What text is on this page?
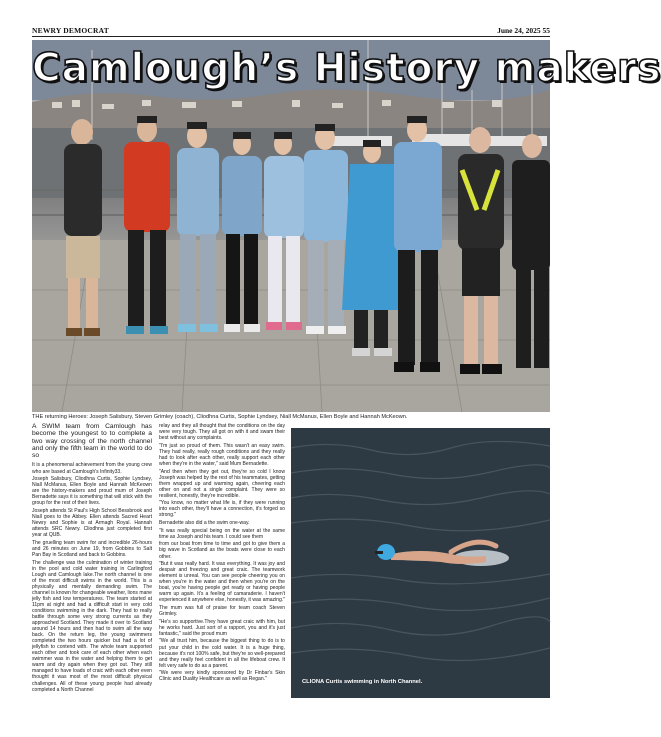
NEWRY DEMOCRAT	June 24, 2025 55
Camlough’s History makers
THE returning Heroes: Joseph Salisbury, Steven Grimley (coach), Cliodhna Curtis, Sophie Lyndsey, Niall McManus, Ellen Boyle and Hannah McKeown.

A SWIM team from Camlough has become the youngest to to complete a two way crossing of the north channel and only the fifth team in the world to do so

It is a phenomenal achievement from the young crew who are based at Camlough's Infinity33.

Joseph Salisbury, Cliodhna Curtis, Sophie Lyndsey, Niall McManus, Ellen Boyle and Hannah McKeown are the history-makers and proud mum of Joseph Bernadette says it is something that will stick with the group for the rest of their lives.

Joseph attends St Paul's High School Bessbrook and Niall goes to the Abbey. Ellen attends Sacred Heart Newry and Sophie is at Armagh Royal. Hannah attends SRC Newry. Cliodhna just completed first year at QUB.

The gruelling team swim for and incredible 26-hours and 26 minutes on June 19, from Gobbins to Salt Pan Bay in Scotland and back to Gobbins.

The challenge was the culmination of winter training in the pool and cold water training in Carlingford Lough and Camlough lake.The north channel is one of the most difficult swims in the world. This is a physically and mentally demanding swim. The channel is known for changeable weather, lions mane jelly fish and low temperatures. The team started at 11pm at night and had a difficult start in very cold conditions swimming in the dark. They had to really battle through some very strong currents as they approached Scotland. They made it over to Scotland around 14 hours and then had to swim all the way back. On the return leg, the young swimmers completed the two hours quicker but had a lot of jellyfish to contend with. The whole team supported each other and took care of each other when each swimmer was in the water and helping them to get warm and dry again when they got out. They still managed to have loads of craic with each other even thought it was most of the most difficult physical challenges. All of these young people had already completed a North Channel

relay and they all thought that the conditions on the day were very tough. They all got on with it and swam their best without any complaints.

"I'm just so proud of them. This wasn't an easy swim. They had really, really rough conditions and they really had to look after each other, really support each other when they're in the water," said Mum Bernadette.

"And then when they get out, they're so cold I know Joseph was helped by the rest of his teammates, getting them wrapped up and warming again, cheering each other on and not a single complaint. They were so resilient, honestly, they're incredible.

"You know, no matter what life is, if they were running into each other, they'll have a connection, it's forged so strong."

Bernadette also did a the swim one-way.

"It was really special being on the water at the same time as Joseph and his team. I could see them

from our boat from time to time and got to give them a big wave in Scotland as the boats were close to each other.

"But it was really hard. It was everything. It was joy and despair and freezing and great craic. The teamwork element is unreal. You can see people cheering you on when you're in the water and then when you're on the boat, you're having people get ready or having people warm up again. It's a feeling of camaraderie. I haven't experienced it anywhere else, honestly, it was amazing."

The mum was full of praise for team coach Steven Grimley.

"He's so supportive.They have great craic with him, but he works hard. Just sort of a rapport, you and it's just fantastic," said the proud mum

"We all trust him, because the biggest thing to do is to put your child in the cold water. It is a huge thing, because it's not 100% safe, but they're so well-prepared and they really feel confident in all the lifeboat crew. It felt very safe to do as a parent.

"We were very kindly sponsored by Dr Finbar's Skin Clinic and Duality Healthcare as well as Regan."	CLIONA Curtis swimming in North Channel.
